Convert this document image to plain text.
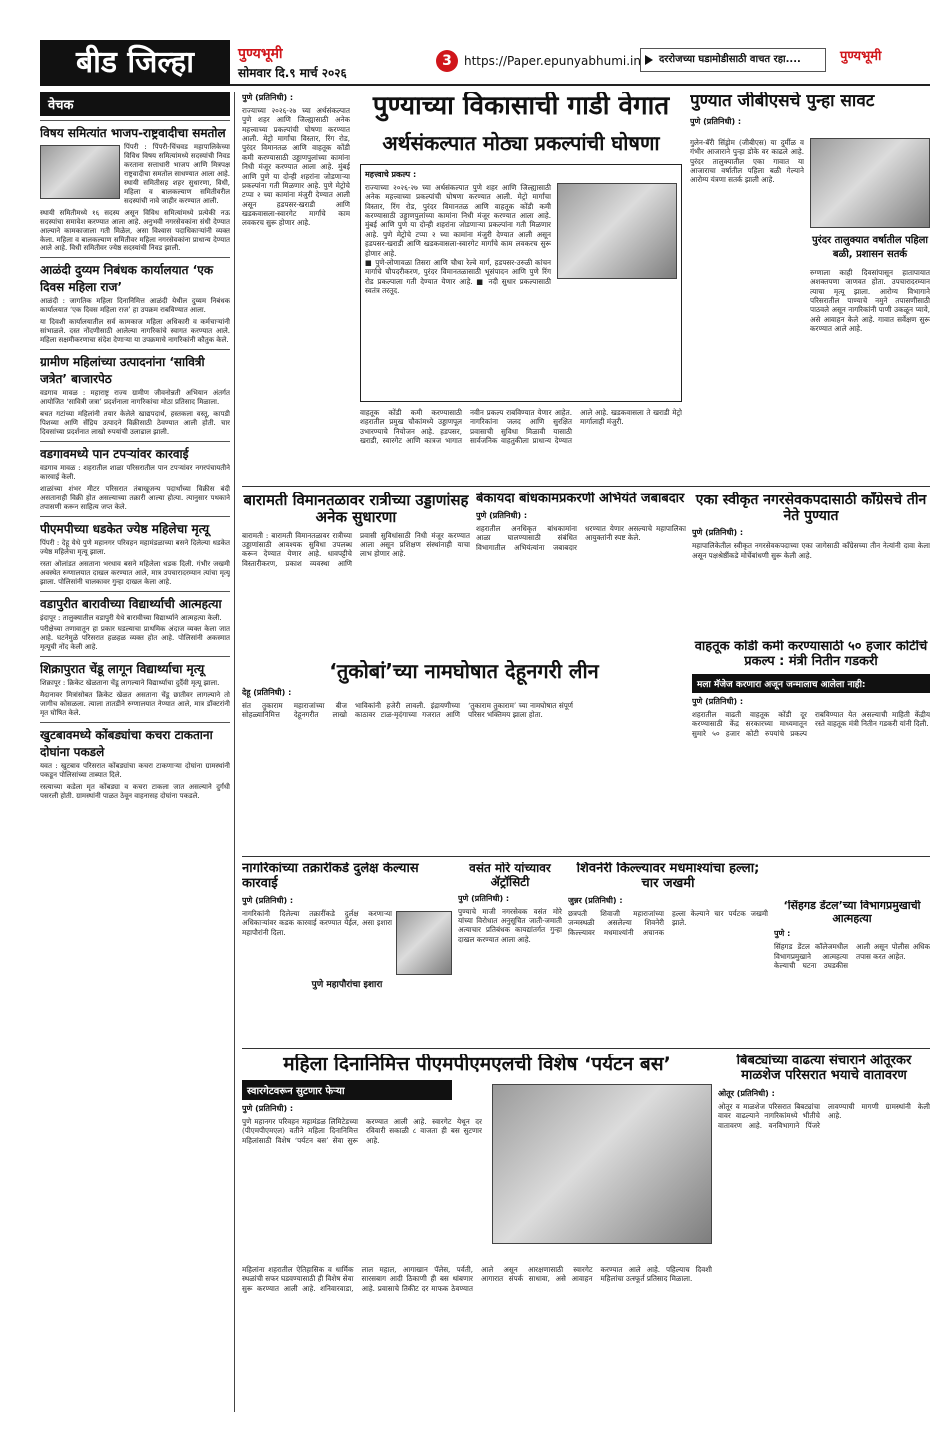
बीड जिल्हा	पुण्यभूमी
सोमवार दि.९ मार्च २०२६
3	https://Paper.epunyabhumi.in	दररोजच्या घडामोडीसाठी वाचत रहा....	पुण्यभूमी
वेचक
विषय समित्यांत भाजप-राष्ट्रवादीचा समतोल
पिंपरी : पिंपरी-चिंचवड महापालिकेच्या विविध विषय समित्यांमध्ये सदस्यांची निवड करताना सत्ताधारी भाजप आणि मित्रपक्ष राष्ट्रवादीचा समतोल साधण्यात आला आहे. स्थायी समितीसह शहर सुधारणा, विधी, महिला व बालकल्याण समितीवरील सदस्यांची नावे जाहीर करण्यात आली.
स्थायी समितीमध्ये १६ सदस्य असून विविध समित्यांमध्ये प्रत्येकी नऊ सदस्यांचा समावेश करण्यात आला आहे. अनुभवी नगरसेवकांना संधी देण्यात आल्याने कामकाजाला गती मिळेल, असा विश्वास पदाधिकाऱ्यांनी व्यक्त केला. महिला व बालकल्याण समितीवर महिला नगरसेवकांना प्राधान्य देण्यात आले आहे. विधी समितीवर ज्येष्ठ सदस्यांची निवड झाली.
आळंदी दुय्यम निबंधक कार्यालयात ‘एक दिवस महिला राज’
आळंदी : जागतिक महिला दिनानिमित्त आळंदी येथील दुय्यम निबंधक कार्यालयात ‘एक दिवस महिला राज’ हा उपक्रम राबविण्यात आला.
या दिवशी कार्यालयातील सर्व कामकाज महिला अधिकारी व कर्मचाऱ्यांनी सांभाळले. दस्त नोंदणीसाठी आलेल्या नागरिकांचे स्वागत करण्यात आले. महिला सक्षमीकरणाचा संदेश देणाऱ्या या उपक्रमाचे नागरिकांनी कौतुक केले.
ग्रामीण महिलांच्या उत्पादनांना ‘सावित्री जत्रेत’ बाजारपेठ
वडगाव मावळ : महाराष्ट्र राज्य ग्रामीण जीवनोन्नती अभियान अंतर्गत आयोजित ‘सावित्री जत्रा’ प्रदर्शनाला नागरिकांचा मोठा प्रतिसाद मिळाला.
बचत गटांच्या महिलांनी तयार केलेले खाद्यपदार्थ, हस्तकला वस्तू, कापडी पिशव्या आणि सेंद्रिय उत्पादने विक्रीसाठी ठेवण्यात आली होती. चार दिवसांच्या प्रदर्शनात लाखो रुपयांची उलाढाल झाली.
वडगावमध्ये पान टपऱ्यांवर कारवाई
वडगाव मावळ : शहरातील शाळा परिसरातील पान टपऱ्यांवर नगरपंचायतीने कारवाई केली.
शाळांच्या शंभर मीटर परिसरात तंबाखूजन्य पदार्थांच्या विक्रीस बंदी असतानाही विक्री होत असल्याच्या तक्रारी आल्या होत्या. त्यानुसार पथकाने तपासणी करून साहित्य जप्त केले.
पीएमपीच्या धडकेत ज्येष्ठ महिलेचा मृत्यू
पिंपरी : देहू येथे पुणे महानगर परिवहन महामंडळाच्या बसने दिलेल्या धडकेत ज्येष्ठ महिलेचा मृत्यू झाला.
रस्ता ओलांडत असताना भरधाव बसने महिलेला धडक दिली. गंभीर जखमी अवस्थेत रुग्णालयात दाखल करण्यात आले, मात्र उपचारादरम्यान त्यांचा मृत्यू झाला. पोलिसांनी चालकावर गुन्हा दाखल केला आहे.
वडापुरीत बारावीच्या विद्यार्थ्याची आत्महत्या
इंदापूर : तालुक्यातील वडापुरी येथे बारावीच्या विद्यार्थ्याने आत्महत्या केली.
परीक्षेच्या तणावातून हा प्रकार घडल्याचा प्राथमिक अंदाज व्यक्त केला जात आहे. घटनेमुळे परिसरात हळहळ व्यक्त होत आहे. पोलिसांनी अकस्मात मृत्यूची नोंद केली आहे.
शिक्रापुरात चेंडू लागून विद्यार्थ्याचा मृत्यू
शिक्रापूर : क्रिकेट खेळताना चेंडू लागल्याने विद्यार्थ्याचा दुर्दैवी मृत्यू झाला.
मैदानावर मित्रांसोबत क्रिकेट खेळत असताना चेंडू छातीवर लागल्याने तो जागीच कोसळला. त्याला तातडीने रुग्णालयात नेण्यात आले, मात्र डॉक्टरांनी मृत घोषित केले.
खुटबावमध्ये कोंबड्यांचा कचरा टाकताना दोघांना पकडले
यवत : खुटबाव परिसरात कोंबड्यांचा कचरा टाकणाऱ्या दोघांना ग्रामस्थांनी पकडून पोलिसांच्या ताब्यात दिले.
रस्त्याच्या कडेला मृत कोंबड्या व कचरा टाकला जात असल्याने दुर्गंधी पसरली होती. ग्रामस्थांनी पाळत ठेवून वाहनासह दोघांना पकडले.
पुणे (प्रतिनिधी) :
राज्याच्या २०२६-२७ च्या अर्थसंकल्पात पुणे शहर आणि जिल्ह्यासाठी अनेक महत्त्वाच्या प्रकल्पांची घोषणा करण्यात आली. मेट्रो मार्गांचा विस्तार, रिंग रोड, पुरंदर विमानतळ आणि वाहतूक कोंडी कमी करण्यासाठी उड्डाणपुलांच्या कामांना निधी मंजूर करण्यात आला आहे. मुंबई आणि पुणे या दोन्ही शहरांना जोडणाऱ्या प्रकल्पांना गती मिळणार आहे. पुणे मेट्रोचे टप्पा २ च्या कामांना मंजुरी देण्यात आली असून हडपसर-खराडी आणि खडकवासला-स्वारगेट मार्गांचे काम लवकरच सुरू होणार आहे.
पुण्याच्या विकासाची गाडी वेगात
अर्थसंकल्पात मोठ्या प्रकल्पांची घोषणा
महत्त्वाचे प्रकल्प :
राज्याच्या २०२६-२७ च्या अर्थसंकल्पात पुणे शहर आणि जिल्ह्यासाठी अनेक महत्त्वाच्या प्रकल्पांची घोषणा करण्यात आली. मेट्रो मार्गांचा विस्तार, रिंग रोड, पुरंदर विमानतळ आणि वाहतूक कोंडी कमी करण्यासाठी उड्डाणपुलांच्या कामांना निधी मंजूर करण्यात आला आहे. मुंबई आणि पुणे या दोन्ही शहरांना जोडणाऱ्या प्रकल्पांना गती मिळणार आहे. पुणे मेट्रोचे टप्पा २ च्या कामांना मंजुरी देण्यात आली असून हडपसर-खराडी आणि खडकवासला-स्वारगेट मार्गांचे काम लवकरच सुरू होणार आहे.
■ पुणे-लोणावळा तिसरा आणि चौथा रेल्वे मार्ग, हडपसर-उरुळी कांचन मार्गाचे चौपदरीकरण, पुरंदर विमानतळासाठी भूसंपादन आणि पुणे रिंग रोड प्रकल्पाला गती देण्यात येणार आहे. ■ नदी सुधार प्रकल्पासाठी स्वतंत्र तरतूद.
वाहतूक कोंडी कमी करण्यासाठी शहरातील प्रमुख चौकांमध्ये उड्डाणपूल उभारण्याचे नियोजन आहे. हडपसर, खराडी, स्वारगेट आणि कात्रज भागात नवीन प्रकल्प राबविण्यात येणार आहेत. नागरिकांना जलद आणि सुरक्षित प्रवासाची सुविधा मिळावी यासाठी सार्वजनिक वाहतुकीला प्राधान्य देण्यात आले आहे. खडकवासला ते खराडी मेट्रो मार्गालाही मंजुरी.
पुण्यात जीबीएसचे पुन्हा सावट
पुणे (प्रतिनिधी) :
गुलेन-बॅरी सिंड्रोम (जीबीएस) या दुर्मीळ व गंभीर आजाराने पुन्हा डोके वर काढले आहे. पुरंदर तालुक्यातील एका गावात या आजाराचा वर्षातील पहिला बळी गेल्याने आरोग्य यंत्रणा सतर्क झाली आहे.
पुरंदर तालुक्यात वर्षातील पहिला बळी, प्रशासन सतर्क
रुग्णाला काही दिवसांपासून हातापायात अशक्तपणा जाणवत होता. उपचारादरम्यान त्याचा मृत्यू झाला. आरोग्य विभागाने परिसरातील पाण्याचे नमुने तपासणीसाठी पाठवले असून नागरिकांनी पाणी उकळून प्यावे, असे आवाहन केले आहे. गावात सर्वेक्षण सुरू करण्यात आले आहे.
बारामती विमानतळावर रात्रीच्या उड्डाणांसह अनेक सुधारणा
बारामती : बारामती विमानतळावर रात्रीच्या उड्डाणांसाठी आवश्यक सुविधा उपलब्ध करून देण्यात येणार आहे. धावपट्टीचे विस्तारीकरण, प्रकाश व्यवस्था आणि प्रवासी सुविधांसाठी निधी मंजूर करण्यात आला असून प्रशिक्षण संस्थांनाही याचा लाभ होणार आहे.
बेकायदा बांधकामप्रकरणी अभियंते जबाबदार
पुणे (प्रतिनिधी) :
शहरातील अनधिकृत बांधकामांना आळा घालण्यासाठी संबंधित विभागातील अभियंत्यांना जबाबदार धरण्यात येणार असल्याचे महापालिका आयुक्तांनी स्पष्ट केले.
एका स्वीकृत नगरसेवकपदासाठी कॉंग्रेसचे तीन नेते पुण्यात
पुणे (प्रतिनिधी) :
महापालिकेतील स्वीकृत नगरसेवकपदाच्या एका जागेसाठी काँग्रेसच्या तीन नेत्यांनी दावा केला असून पक्षश्रेष्ठींकडे मोर्चेबांधणी सुरू केली आहे.
‘तुकोबां’च्या नामघोषात देहूनगरी लीन
देहू (प्रतिनिधी) :
संत तुकाराम महाराजांच्या बीज सोहळ्यानिमित्त देहूनगरीत लाखो भाविकांनी हजेरी लावली. इंद्रायणीच्या काठावर टाळ-मृदंगाच्या गजरात आणि ‘तुकाराम तुकाराम’ च्या नामघोषात संपूर्ण परिसर भक्तिमय झाला होता.
वाहतूक कोंडी कमी करण्यासाठी ५० हजार कोटींचे प्रकल्प : मंत्री नितीन गडकरी
मला मॅजेज करणारा अजून जन्मालाच आलेला नाही:
पुणे (प्रतिनिधी) :
शहरातील वाढती वाहतूक कोंडी दूर करण्यासाठी केंद्र सरकारच्या माध्यमातून सुमारे ५० हजार कोटी रुपयांचे प्रकल्प राबविण्यात येत असल्याची माहिती केंद्रीय रस्ते वाहतूक मंत्री नितीन गडकरी यांनी दिली.
नागरिकांच्या तक्रारींकडे दुर्लक्ष केल्यास कारवाई
पुणे (प्रतिनिधी) :
नागरिकांनी दिलेल्या तक्रारींकडे दुर्लक्ष करणाऱ्या अधिकाऱ्यांवर कडक कारवाई करण्यात येईल, असा इशारा महापौरांनी दिला.
पुणे महापौरांचा इशारा
वसंत मोरे यांच्यावर ॲट्रॉसिटी
पुणे (प्रतिनिधी) :
पुण्याचे माजी नगरसेवक वसंत मोरे यांच्या विरोधात अनुसूचित जाती-जमाती अत्याचार प्रतिबंधक कायद्यांतर्गत गुन्हा दाखल करण्यात आला आहे.
शिवनेरी किल्ल्यावर मधमाश्यांचा हल्ला; चार जखमी
जुन्नर (प्रतिनिधी) :
छत्रपती शिवाजी महाराजांच्या जन्मस्थळी असलेल्या शिवनेरी किल्ल्यावर मधमाश्यांनी अचानक हल्ला केल्याने चार पर्यटक जखमी झाले.
‘सिंहगड डेंटल’च्या विभागप्रमुखाची आत्महत्या
पुणे :
सिंहगड डेंटल कॉलेजमधील विभागप्रमुखाने आत्महत्या केल्याची घटना उघडकीस आली असून पोलीस अधिक तपास करत आहेत.
महिला दिनानिमित्त पीएमपीएमएलची विशेष ‘पर्यटन बस’
स्वारगेटवरून सुटणार फेऱ्या
पुणे (प्रतिनिधी) :
पुणे महानगर परिवहन महामंडळ लिमिटेडच्या (पीएमपीएमएल) वतीने महिला दिनानिमित्त महिलांसाठी विशेष ‘पर्यटन बस’ सेवा सुरू करण्यात आली आहे. स्वारगेट येथून दर रविवारी सकाळी ८ वाजता ही बस सुटणार आहे.
महिलांना शहरातील ऐतिहासिक व धार्मिक स्थळांची सफर घडवण्यासाठी ही विशेष सेवा सुरू करण्यात आली आहे. शनिवारवाडा, लाल महाल, आगाखान पॅलेस, पर्वती, सारसबाग आदी ठिकाणी ही बस थांबणार आहे. प्रवासाचे तिकीट दर माफक ठेवण्यात आले असून आरक्षणासाठी स्वारगेट आगारात संपर्क साधावा, असे आवाहन करण्यात आले आहे. पहिल्याच दिवशी महिलांचा उत्स्फूर्त प्रतिसाद मिळाला.
बिबट्यांच्या वाढत्या संचाराने ओतूरकर माळशेज परिसरात भयाचे वातावरण
ओतूर (प्रतिनिधी) :
ओतूर व माळशेज परिसरात बिबट्यांचा वावर वाढल्याने नागरिकांमध्ये भीतीचे वातावरण आहे. वनविभागाने पिंजरे लावण्याची मागणी ग्रामस्थांनी केली आहे.
